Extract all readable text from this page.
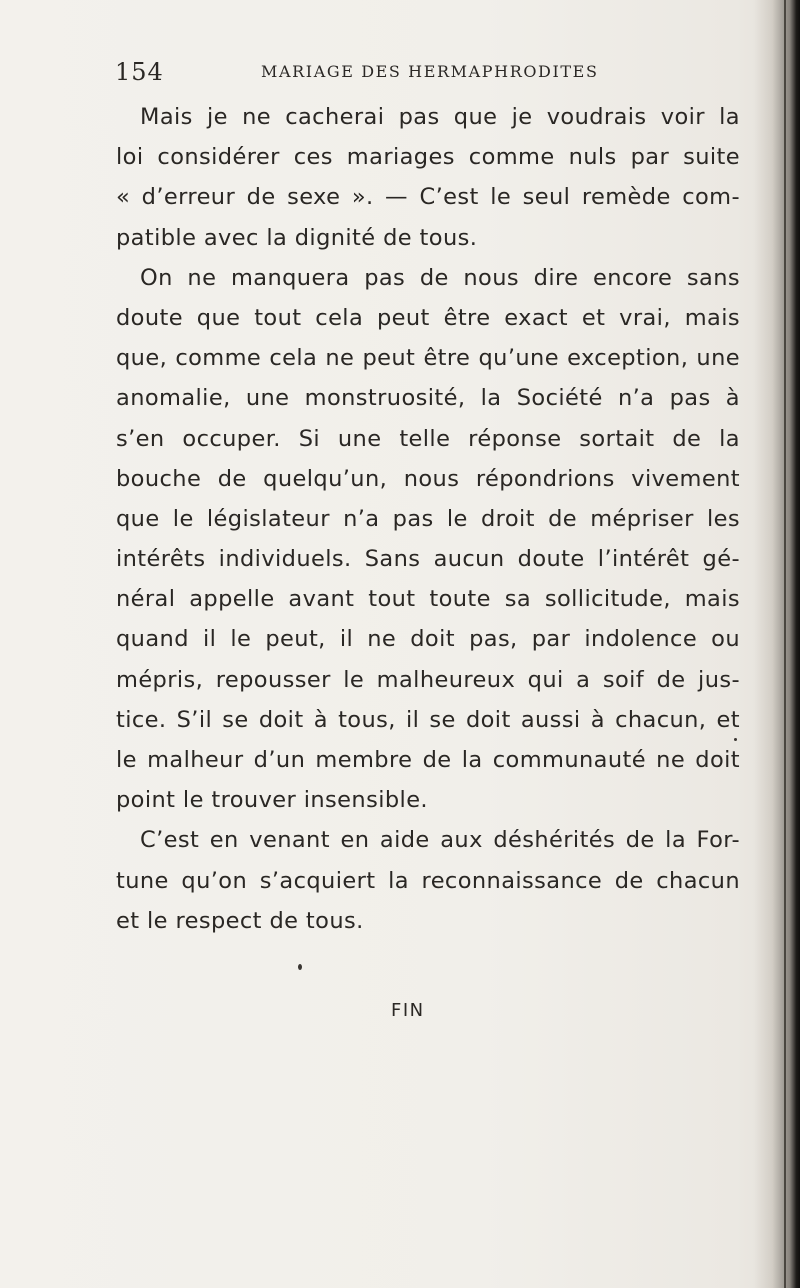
154	MARIAGE DES HERMAPHRODITES
Mais je ne cacherai pas que je voudrais voir la
loi considérer ces mariages comme nuls par suite
« d’erreur de sexe ». — C’est le seul remède com-
patible avec la dignité de tous.
On ne manquera pas de nous dire encore sans
doute que tout cela peut être exact et vrai, mais
que, comme cela ne peut être qu’une exception, une
anomalie, une monstruosité, la Société n’a pas à
s’en occuper. Si une telle réponse sortait de la
bouche de quelqu’un, nous répondrions vivement
que le législateur n’a pas le droit de mépriser les
intérêts individuels. Sans aucun doute l’intérêt gé-
néral appelle avant tout toute sa sollicitude, mais
quand il le peut, il ne doit pas, par indolence ou
mépris, repousser le malheureux qui a soif de jus-
tice. S’il se doit à tous, il se doit aussi à chacun, et
le malheur d’un membre de la communauté ne doit
point le trouver insensible.
C’est en venant en aide aux déshérités de la For-
tune qu’on s’acquiert la reconnaissance de chacun
et le respect de tous.
FIN
